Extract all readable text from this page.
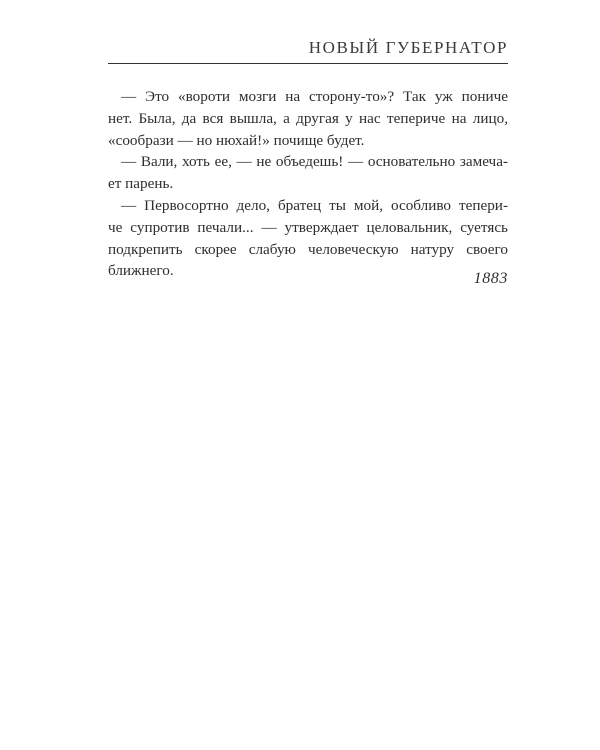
НОВЫЙ ГУБЕРНАТОР

— Это «вороти мозги на сторону-то»? Так уж пониче
нет. Была, да вся вышла, а другая у нас тепериче на лицо,
«сообрази — но нюхай!» почище будет.

— Вали, хоть ее, — не объедешь! — основательно замеча-
ет парень.

— Первосортно дело, братец ты мой, особливо тепери-
че супротив печали... — утверждает целовальник, суетясь
подкрепить скорее слабую человеческую натуру своего
ближнего.	1883
